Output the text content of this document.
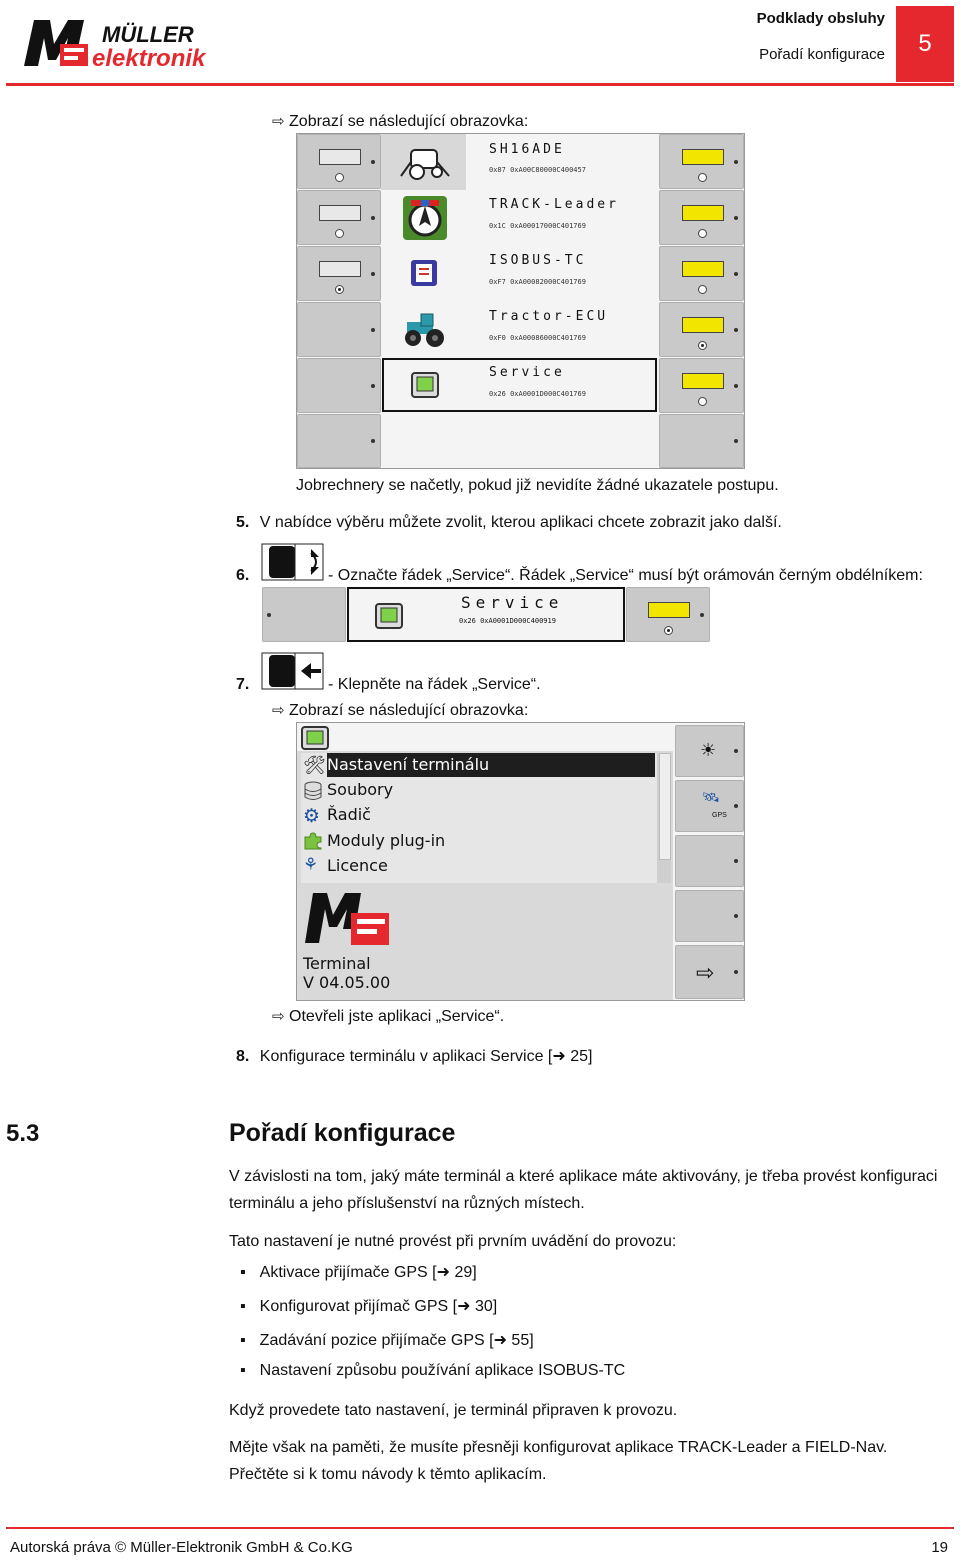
MÜLLER
elektronik
Podklady obsluhy
Pořadí konfigurace	5
⇨ Zobrazí se následující obrazovka:
SH16ADE
0x87 0xA00C80000C400457
TRACK-Leader
0x1C 0xA00017000C401769
ISOBUS-TC
0xF7 0xA00082000C401769
Tractor-ECU
0xF0 0xA00086000C401769
Service
0x26 0xA0001D000C401769
Jobrechnery se načetly, pokud již nevidíte žádné ukazatele postupu.
5. V nabídce výběru můžete zvolit, kterou aplikaci chcete zobrazit jako další.
6.	- Označte řádek „Service“. Řádek „Service“ musí být orámován černým obdélníkem:
Service
0x26 0xA0001D000C400919
7.	- Klepněte na řádek „Service“.
⇨ Zobrazí se následující obrazovka:
🛠 Nastavení terminálu
Soubory
⚙ Řadič
Moduly plug-in
⚘ Licence
Terminal
V 04.05.00
☀
🛰
GPS
⇨
⇨ Otevřeli jste aplikaci „Service“.
8. Konfigurace terminálu v aplikaci Service [➜ 25]
5.3	Pořadí konfigurace
V závislosti na tom, jaký máte terminál a které aplikace máte aktivovány, je třeba provést konfiguraci
terminálu a jeho příslušenství na různých místech.
Tato nastavení je nutné provést při prvním uvádění do provozu:
▪ Aktivace přijímače GPS [➜ 29]
▪ Konfigurovat přijímač GPS [➜ 30]
▪ Zadávání pozice přijímače GPS [➜ 55]
▪ Nastavení způsobu používání aplikace ISOBUS-TC
Když provedete tato nastavení, je terminál připraven k provozu.
Mějte však na paměti, že musíte přesněji konfigurovat aplikace TRACK-Leader a FIELD-Nav.
Přečtěte si k tomu návody k těmto aplikacím.
Autorská práva © Müller-Elektronik GmbH & Co.KG	19
